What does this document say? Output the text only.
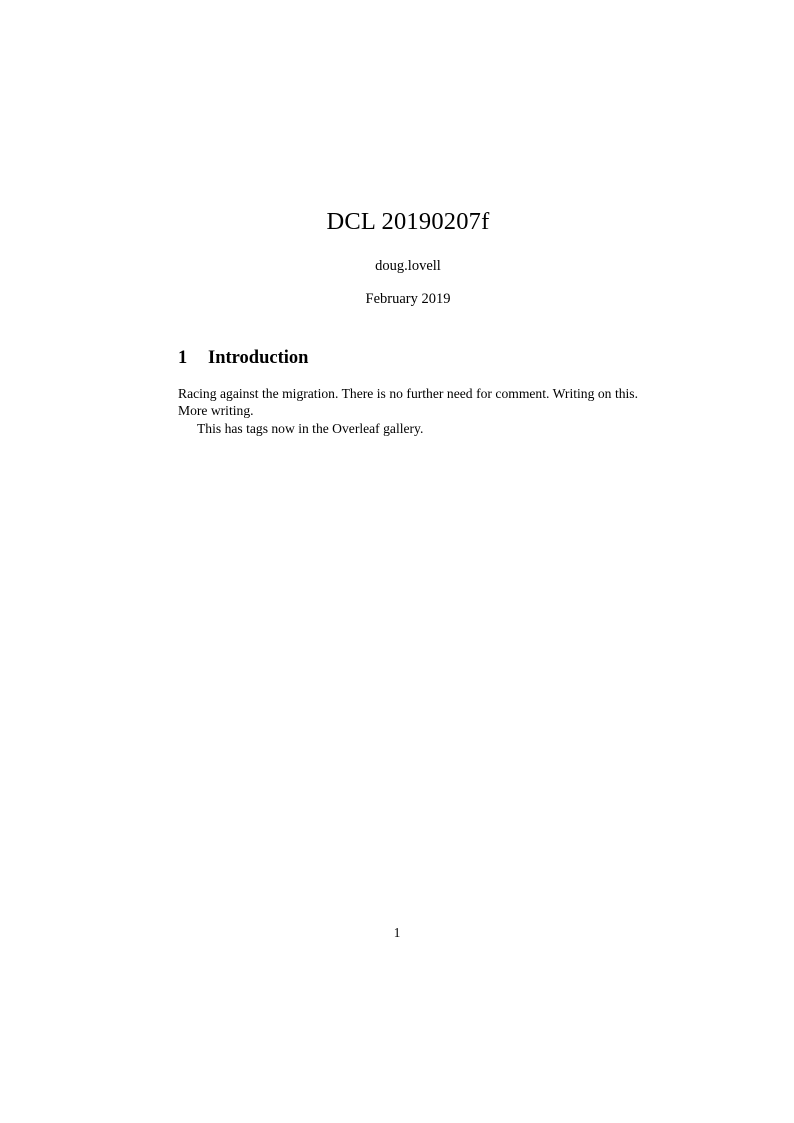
DCL 20190207f
doug.lovell
February 2019
1	Introduction

Racing against the migration. There is no further need for comment. Writing on this. More writing.

This has tags now in the Overleaf gallery.

1
